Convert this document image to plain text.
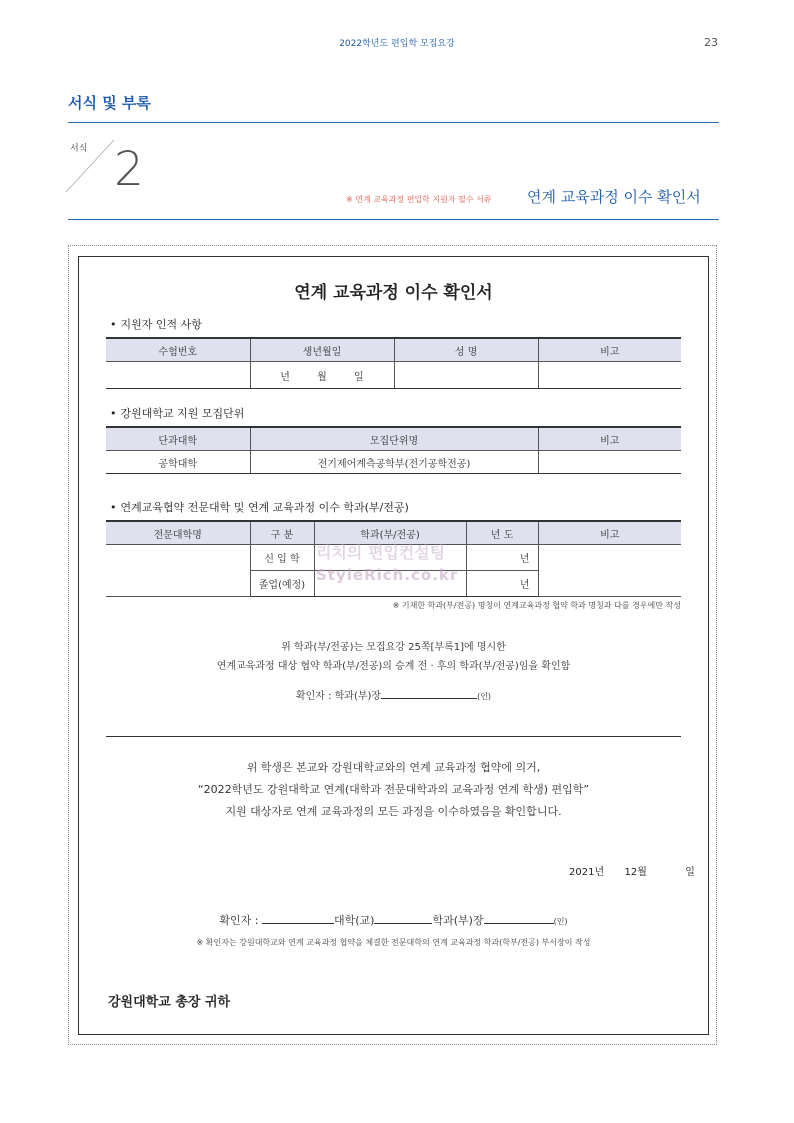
2022학년도 편입학 모집요강	23
서식 및 부록
서식 2
※ 연계 교육과정 편입학 지원자 필수 서류 연계 교육과정 이수 확인서
연계 교육과정 이수 확인서
• 지원자 인적 사항
수험번호	생년월일	성 명	비고
	년 월 일		
• 강원대학교 지원 모집단위
단과대학	모집단위명	비고
공학대학	전기제어계측공학부(전기공학전공)	
• 연계교육협약 전문대학 및 연계 교육과정 이수 학과(부/전공)
전문대학명	구 분	학과(부/전공)	년 도	비고
	신 입 학		년	
	졸업(예정)		년	
리치의 편입컨설팅
StyleRich.co.kr
※ 기재한 학과(부/전공) 명칭이 연계교육과정 협약 학과 명칭과 다를 경우에만 작성
위 학과(부/전공)는 모집요강 25쪽[부록1]에 명시한
연계교육과정 대상 협약 학과(부/전공)의 승계 전 · 후의 학과(부/전공)임을 확인함
확인자 : 학과(부)장	(인)
위 학생은 본교와 강원대학교와의 연계 교육과정 협약에 의거,
“2022학년도 강원대학교 연계(대학과 전문대학과의 교육과정 연계 학생) 편입학”
지원 대상자로 연계 교육과정의 모든 과정을 이수하였음을 확인합니다.
2021년 12월	일
확인자 :	대학(교)	학과(부)장	(인)
※ 확인자는 강원대학교와 연계 교육과정 협약을 체결한 전문대학의 연계 교육과정 학과(학부/전공) 부서장이 작성
강원대학교 총장 귀하
